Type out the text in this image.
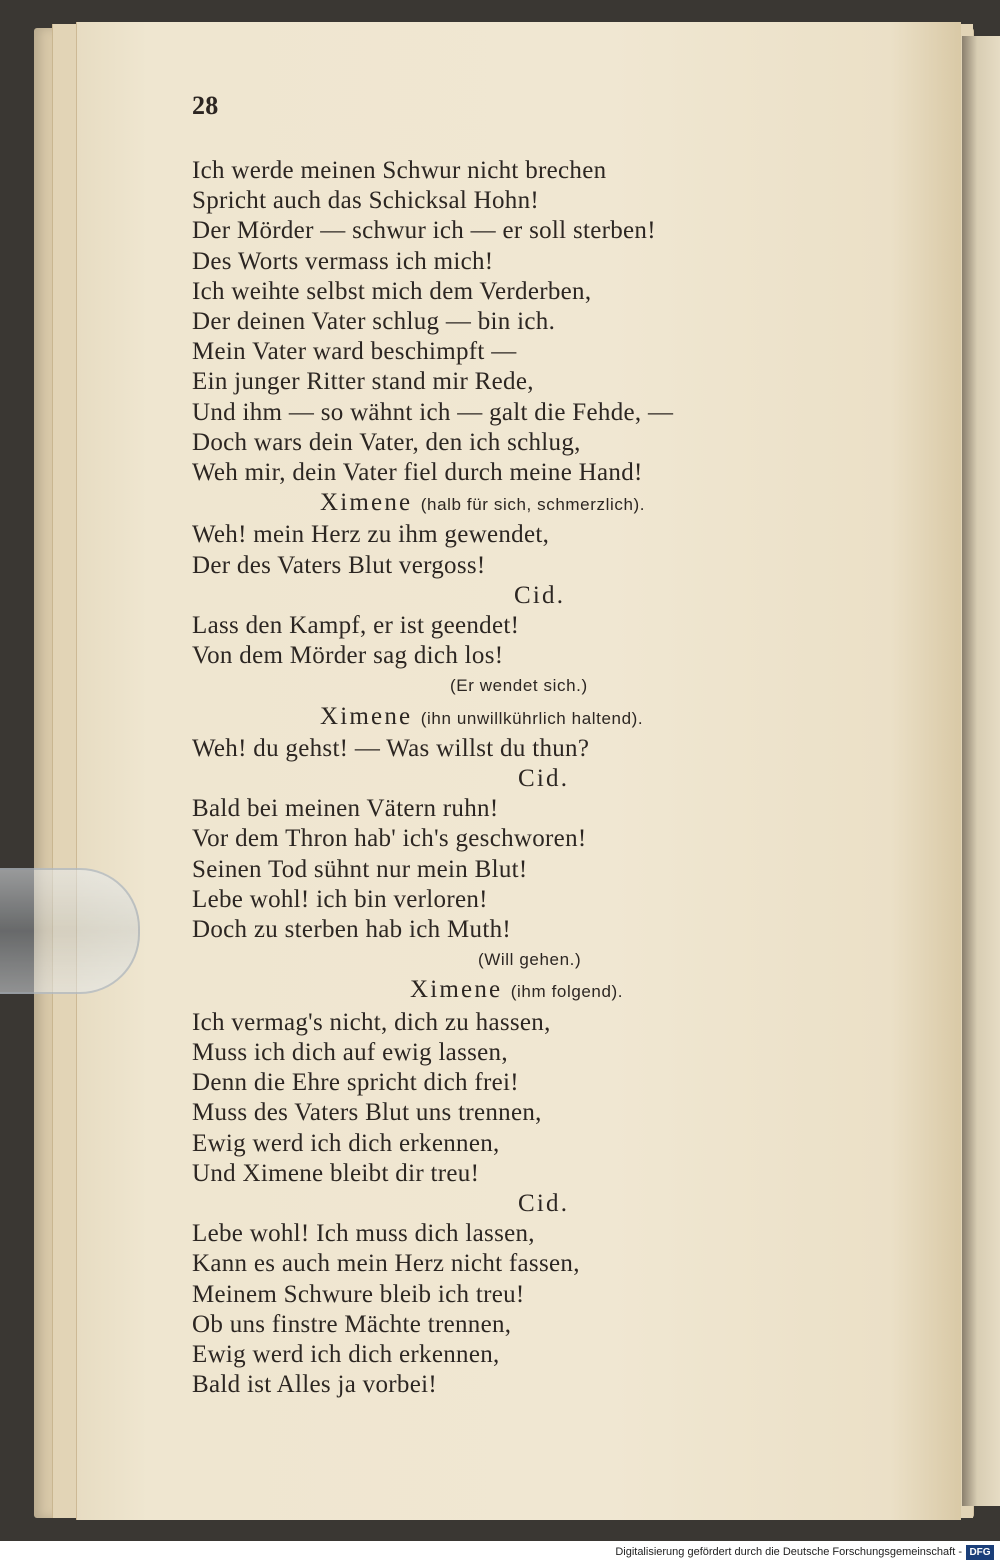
28
Ich werde meinen Schwur nicht brechen
Spricht auch das Schicksal Hohn!
Der Mörder — schwur ich — er soll sterben!
Des Worts vermass ich mich!
Ich weihte selbst mich dem Verderben,
Der deinen Vater schlug — bin ich.
Mein Vater ward beschimpft —
Ein junger Ritter stand mir Rede,
Und ihm — so wähnt ich — galt die Fehde, —
Doch wars dein Vater, den ich schlug,
Weh mir, dein Vater fiel durch meine Hand!
Ximene (halb für sich, schmerzlich).
Weh! mein Herz zu ihm gewendet,
Der des Vaters Blut vergoss!
Cid.
Lass den Kampf, er ist geendet!
Von dem Mörder sag dich los!
(Er wendet sich.)
Ximene (ihn unwillkührlich haltend).
Weh! du gehst! — Was willst du thun?
Cid.
Bald bei meinen Vätern ruhn!
Vor dem Thron hab' ich's geschworen!
Seinen Tod sühnt nur mein Blut!
Lebe wohl! ich bin verloren!
Doch zu sterben hab ich Muth!
(Will gehen.)
Ximene (ihm folgend).
Ich vermag's nicht, dich zu hassen,
Muss ich dich auf ewig lassen,
Denn die Ehre spricht dich frei!
Muss des Vaters Blut uns trennen,
Ewig werd ich dich erkennen,
Und Ximene bleibt dir treu!
Cid.
Lebe wohl! Ich muss dich lassen,
Kann es auch mein Herz nicht fassen,
Meinem Schwure bleib ich treu!
Ob uns finstre Mächte trennen,
Ewig werd ich dich erkennen,
Bald ist Alles ja vorbei!
Digitalisierung gefördert durch die Deutsche Forschungsgemeinschaft - DFG
